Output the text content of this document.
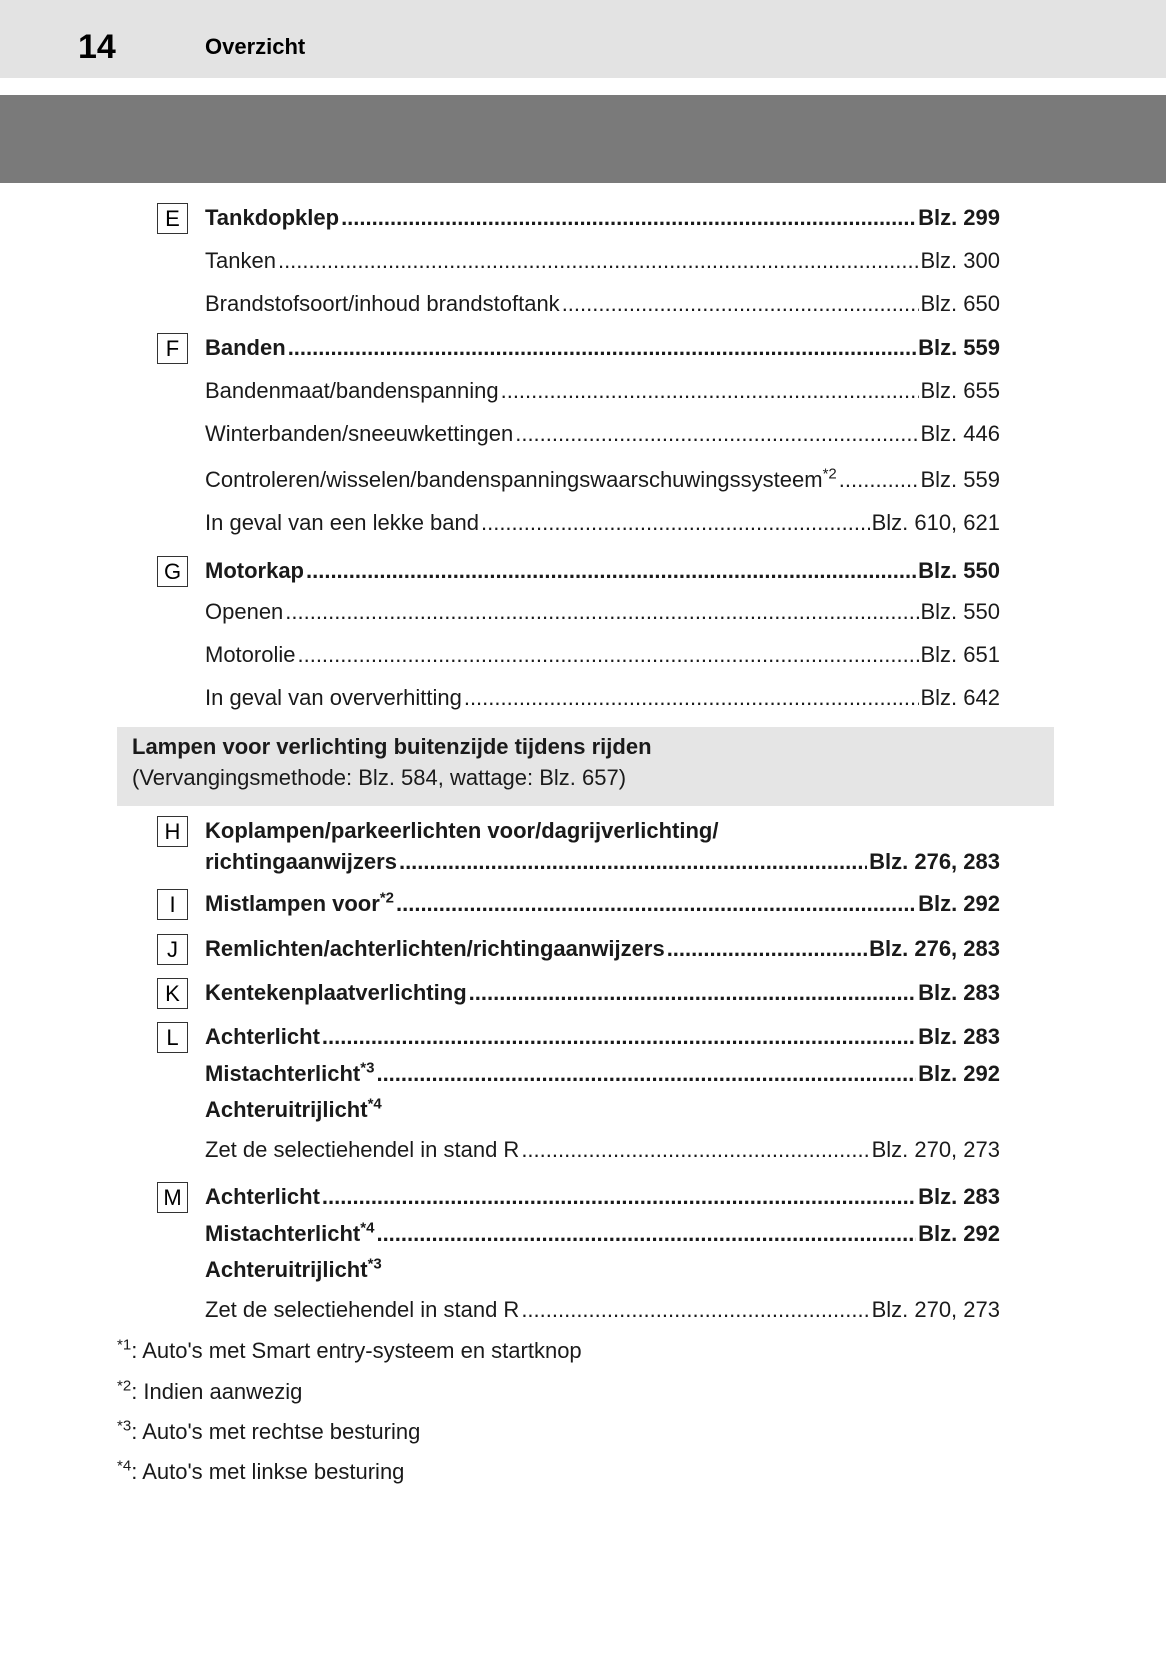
14	Overzicht
E	Tankdopklep .....	Blz. 299
Tanken .....	Blz. 300
Brandstofsoort/inhoud brandstoftank .....	Blz. 650
F	Banden .....	Blz. 559
Bandenmaat/bandenspanning .....	Blz. 655
Winterbanden/sneeuwkettingen .....	Blz. 446
Controleren/wisselen/bandenspanningswaarschuwingssysteem$^{*2}$ .....	Blz. 559
In geval van een lekke band .....	Blz. 610, 621
G	Motorkap .....	Blz. 550
Openen .....	Blz. 550
Motorolie .....	Blz. 651
In geval van oververhitting .....	Blz. 642
Lampen voor verlichting buitenzijde tijdens rijden
(Vervangingsmethode: Blz. 584, wattage: Blz. 657)
H	Koplampen/parkeerlichten voor/dagrijverlichting/
richtingaanwijzers .....	Blz. 276, 283
I	Mistlampen voor$^{*2}$ .....	Blz. 292
J	Remlichten/achterlichten/richtingaanwijzers .....	Blz. 276, 283
K	Kentekenplaatverlichting .....	Blz. 283
L	Achterlicht .....	Blz. 283
Mistachterlicht$^{*3}$ .....	Blz. 292
Achteruitrijlicht$^{*4}$
Zet de selectiehendel in stand R .....	Blz. 270, 273
M Achterlicht .....	Blz. 283
Mistachterlicht$^{*4}$ .....	Blz. 292
Achteruitrijlicht$^{*3}$
Zet de selectiehendel in stand R .....	Blz. 270, 273
$^{*1}$: Auto's met Smart entry-systeem en startknop
$^{*2}$: Indien aanwezig
$^{*3}$: Auto's met rechtse besturing
$^{*4}$: Auto's met linkse besturing
